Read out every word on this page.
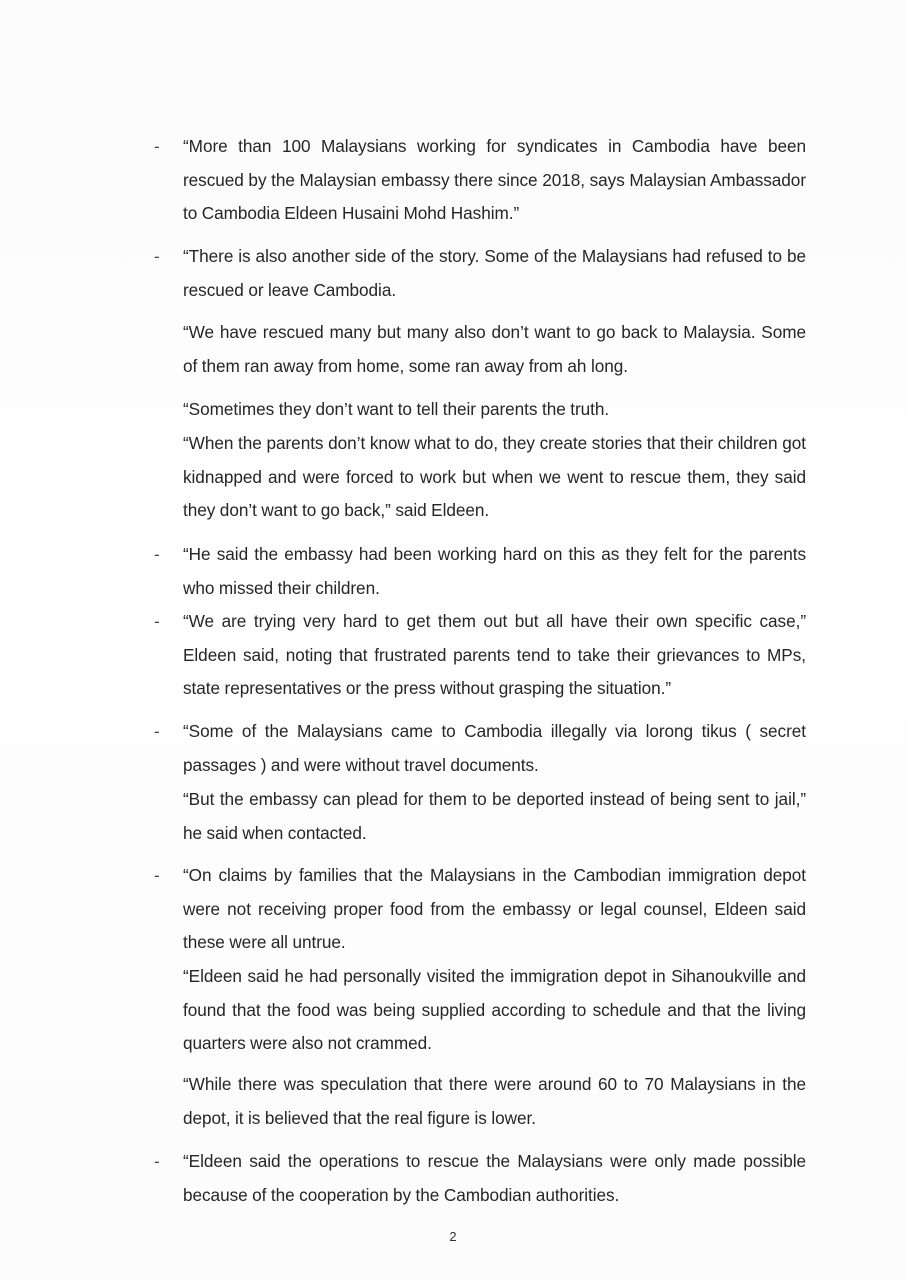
- “More than 100 Malaysians working for syndicates in Cambodia have been rescued by the Malaysian embassy there since 2018, says Malaysian Ambassador to Cambodia Eldeen Husaini Mohd Hashim.”
- “There is also another side of the story. Some of the Malaysians had refused to be rescued or leave Cambodia.
“We have rescued many but many also don’t want to go back to Malaysia. Some of them ran away from home, some ran away from ah long.
“Sometimes they don’t want to tell their parents the truth.
“When the parents don’t know what to do, they create stories that their children got kidnapped and were forced to work but when we went to rescue them, they said they don’t want to go back,” said Eldeen.
- “He said the embassy had been working hard on this as they felt for the parents who missed their children.
- “We are trying very hard to get them out but all have their own specific case,” Eldeen said, noting that frustrated parents tend to take their grievances to MPs, state representatives or the press without grasping the situation.”
- “Some of the Malaysians came to Cambodia illegally via lorong tikus ( secret passages ) and were without travel documents.
“But the embassy can plead for them to be deported instead of being sent to jail,” he said when contacted.
- “On claims by families that the Malaysians in the Cambodian immigration depot were not receiving proper food from the embassy or legal counsel, Eldeen said these were all untrue.
“Eldeen said he had personally visited the immigration depot in Sihanoukville and found that the food was being supplied according to schedule and that the living quarters were also not crammed.
“While there was speculation that there were around 60 to 70 Malaysians in the depot, it is believed that the real figure is lower.
- “Eldeen said the operations to rescue the Malaysians were only made possible because of the cooperation by the Cambodian authorities.
2
